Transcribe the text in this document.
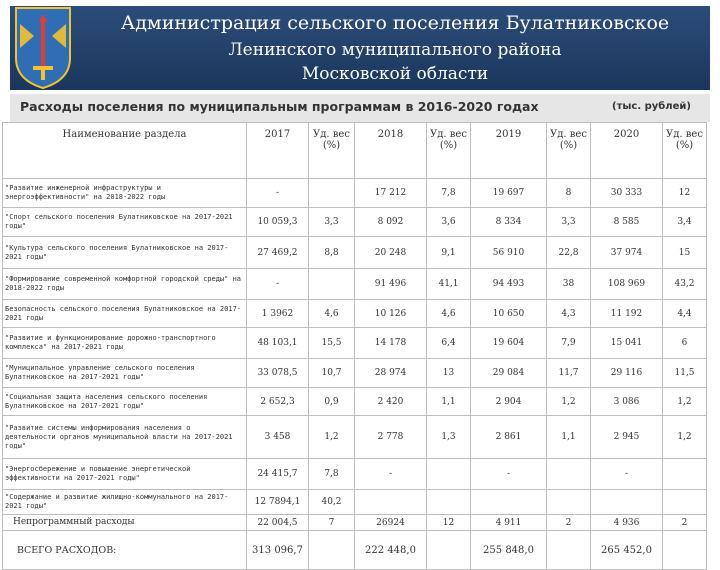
Администрация сельского поселения Булатниковское
Ленинского муниципального района
Московской области
Расходы поселения по муниципальным программам в 2016-2020 годах	(тыс. рублей)
Наименование раздела	2017	Уд. вес (%)	2018	Уд. вес (%)	2019	Уд. вес (%)	2020	Уд. вес (%)
"Развитие инженерной инфраструктуры и энергоэффективности" на 2018-2022 годы	-		17 212	7,8	19 697	8	30 333	12
"Спорт сельского поселения Булатниковское на 2017-2021 годы"	10 059,3	3,3	8 092	3,6	8 334	3,3	8 585	3,4
"Культура сельского поселения Булатниковское на 2017-2021 годы"	27 469,2	8,8	20 248	9,1	56 910	22,8	37 974	15
"Формирование современной комфортной городской среды" на 2018-2022 годы	-		91 496	41,1	94 493	38	108 969	43,2
Безопасность сельского поселения Булатниковское на 2017-2021 годы	1 3962	4,6	10 126	4,6	10 650	4,3	11 192	4,4
"Развитие и функционирование дорожно-транспортного комплекса" на 2017-2021 годы	48 103,1	15,5	14 178	6,4	19 604	7,9	15 041	6
"Муниципальное управление сельского поселения Булатниковское на 2017-2021 годы"	33 078,5	10,7	28 974	13	29 084	11,7	29 116	11,5
"Социальная защита населения сельского поселения Булатниковское на 2017-2021 годы"	2 652,3	0,9	2 420	1,1	2 904	1,2	3 086	1,2
"Развитие системы информирования населения о деятельности органов муниципальной власти на 2017-2021 годы"	3 458	1,2	2 778	1,3	2 861	1,1	2 945	1,2
"Энергосбережение и повышение энергетической эффективности на 2017-2021 годы"	24 415,7	7,8	-		-		-	
"Содержание и развитие жилищно-коммунального на 2017-2021 годы"	12 7894,1	40,2						
Непрограммный расходы	22 004,5	7	26924	12	4 911	2	4 936	2
ВСЕГО РАСХОДОВ:	313 096,7		222 448,0		255 848,0		265 452,0	
